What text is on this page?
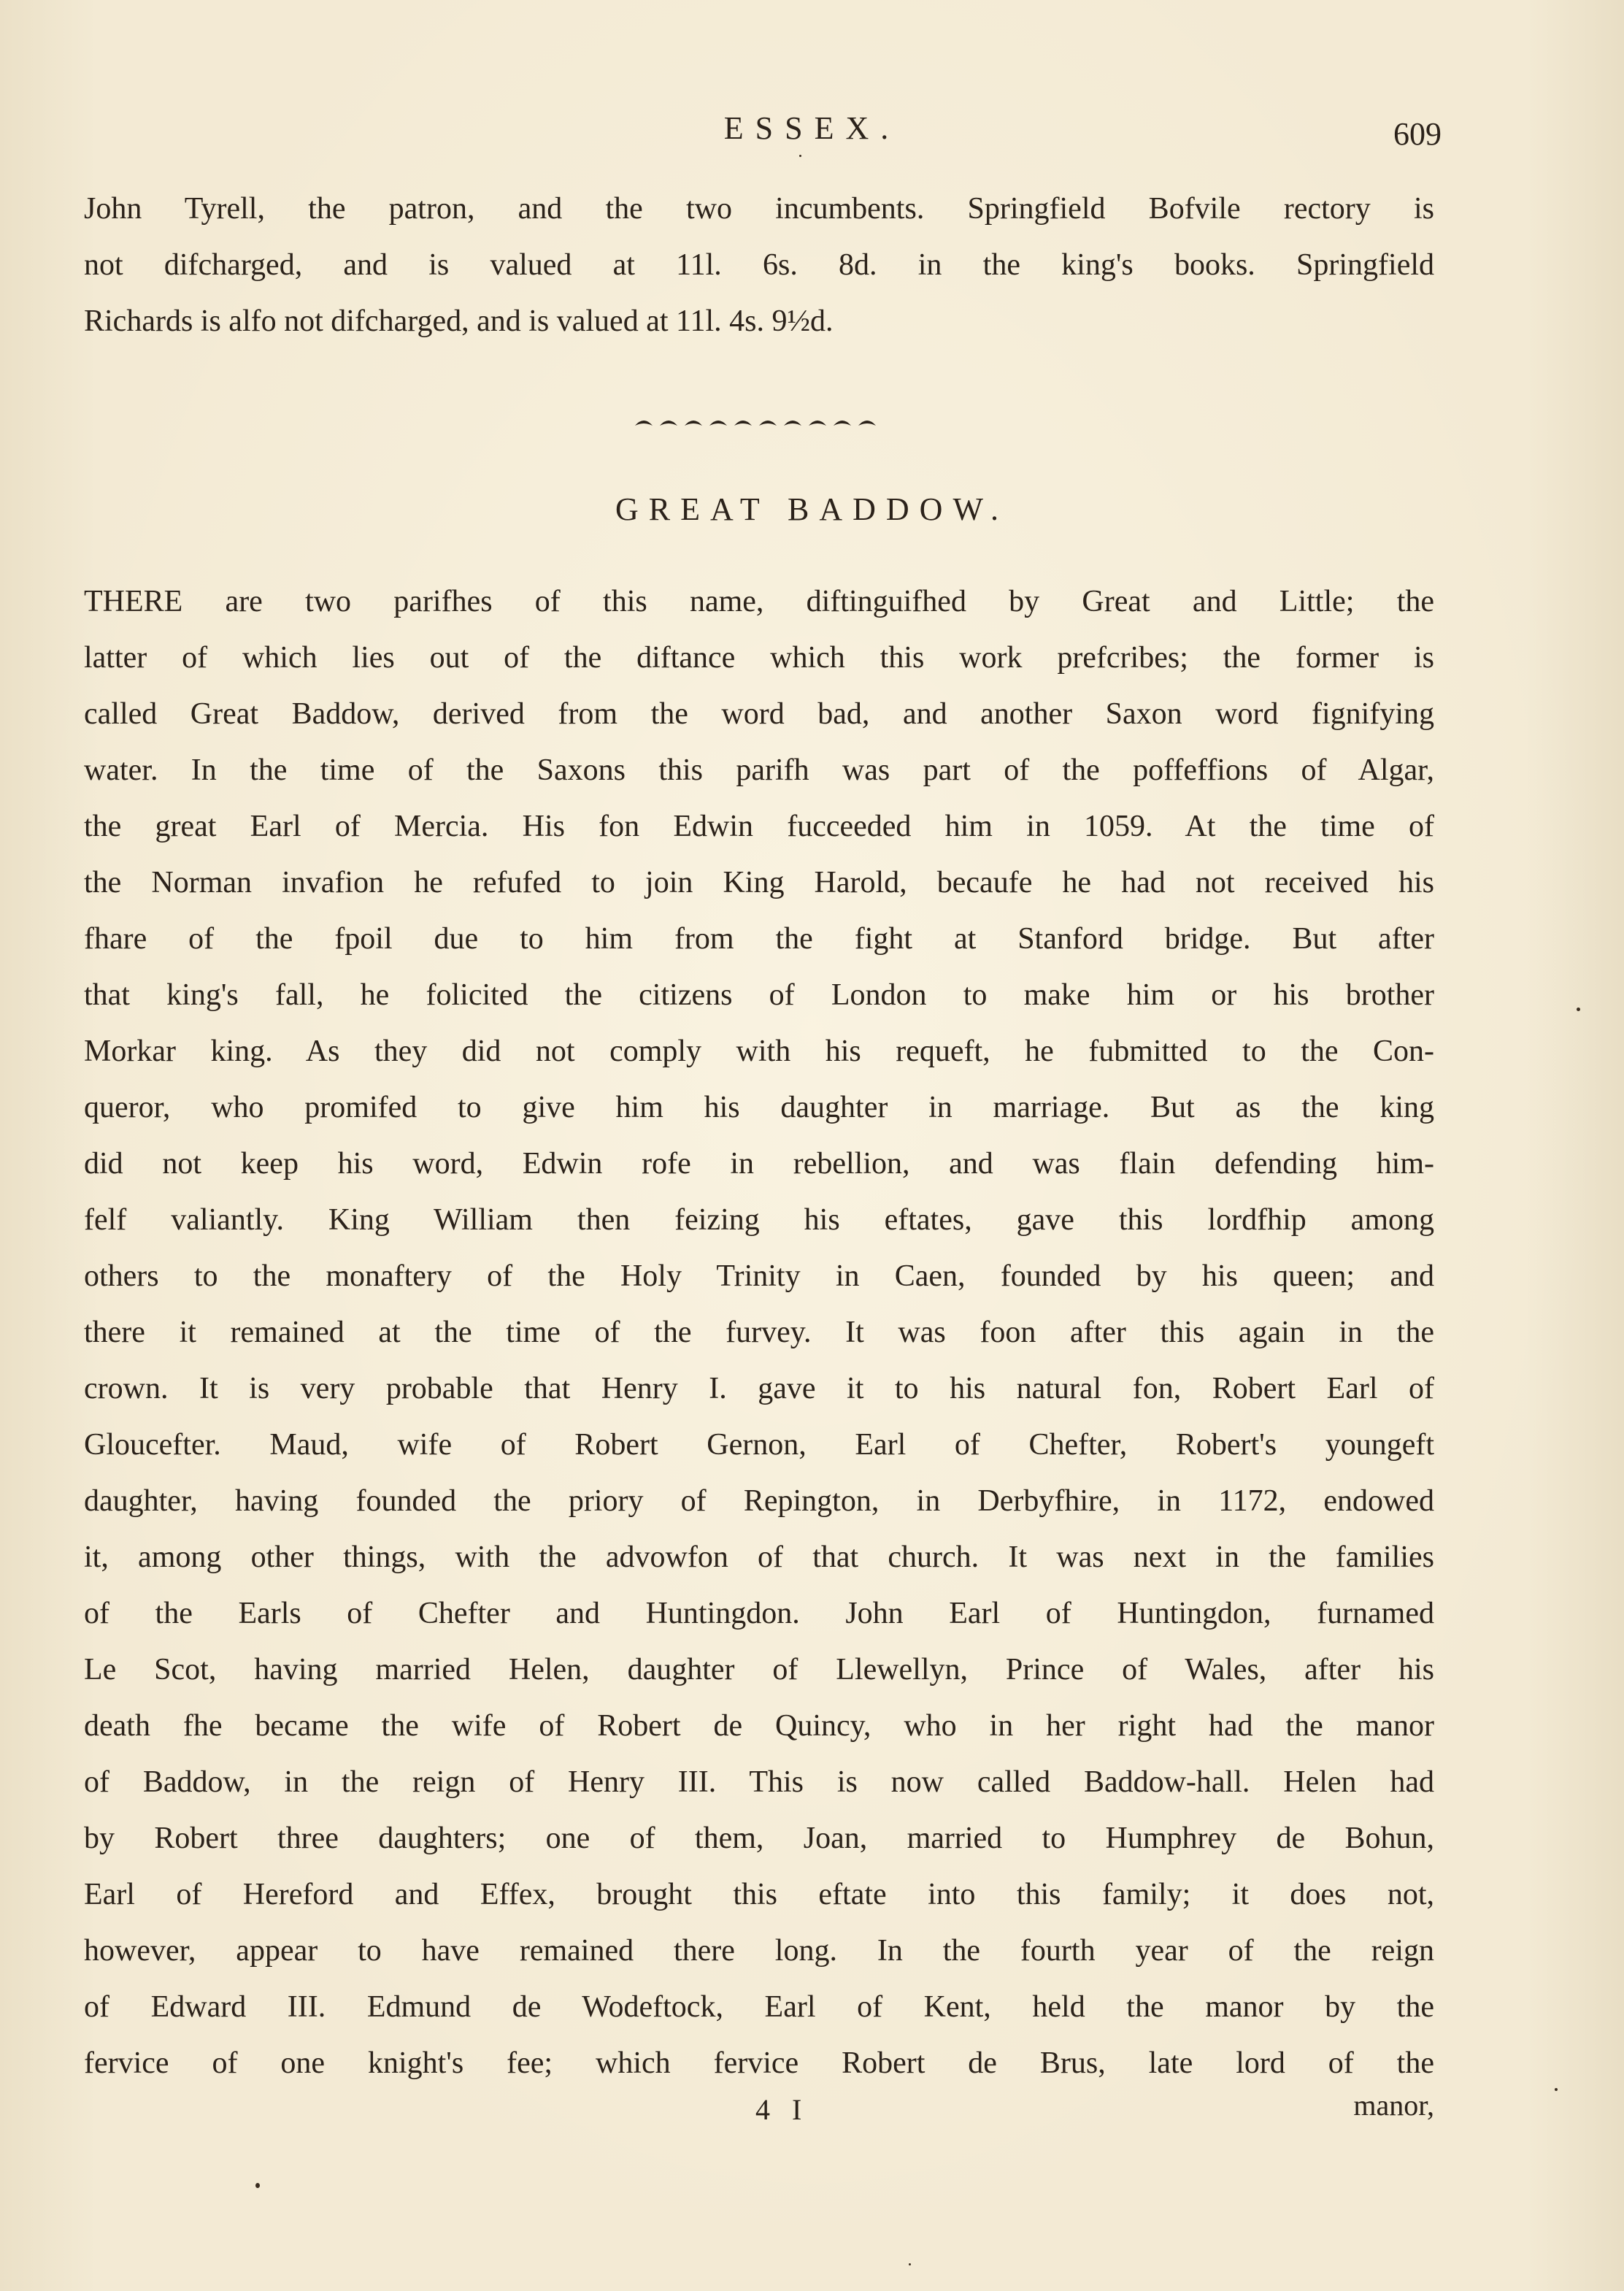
ESSEX.	609
John Tyrell, the patron, and the two incumbents. Springfield Bofvile rectory is
not difcharged, and is valued at 11l. 6s. 8d. in the king's books. Springfield
Richards is alfo not difcharged, and is valued at 11l. 4s. 9½d.
GREAT BADDOW.
THERE are two parifhes of this name, diftinguifhed by Great and Little; the
latter of which lies out of the diftance which this work prefcribes; the former is
called Great Baddow, derived from the word bad, and another Saxon word fignifying
water. In the time of the Saxons this parifh was part of the poffeffions of Algar,
the great Earl of Mercia. His fon Edwin fucceeded him in 1059. At the time of
the Norman invafion he refufed to join King Harold, becaufe he had not received his
fhare of the fpoil due to him from the fight at Stanford bridge. But after
that king's fall, he folicited the citizens of London to make him or his brother
Morkar king. As they did not comply with his requeft, he fubmitted to the Con-
queror, who promifed to give him his daughter in marriage. But as the king
did not keep his word, Edwin rofe in rebellion, and was flain defending him-
felf valiantly. King William then feizing his eftates, gave this lordfhip among
others to the monaftery of the Holy Trinity in Caen, founded by his queen; and
there it remained at the time of the furvey. It was foon after this again in the
crown. It is very probable that Henry I. gave it to his natural fon, Robert Earl of
Gloucefter. Maud, wife of Robert Gernon, Earl of Chefter, Robert's youngeft
daughter, having founded the priory of Repington, in Derbyfhire, in 1172, endowed
it, among other things, with the advowfon of that church. It was next in the families
of the Earls of Chefter and Huntingdon. John Earl of Huntingdon, furnamed
Le Scot, having married Helen, daughter of Llewellyn, Prince of Wales, after his
death fhe became the wife of Robert de Quincy, who in her right had the manor
of Baddow, in the reign of Henry III. This is now called Baddow-hall. Helen had
by Robert three daughters; one of them, Joan, married to Humphrey de Bohun,
Earl of Hereford and Effex, brought this eftate into this family; it does not,
however, appear to have remained there long. In the fourth year of the reign
of Edward III. Edmund de Wodeftock, Earl of Kent, held the manor by the
fervice of one knight's fee; which fervice Robert de Brus, late lord of the
4 I	manor,
